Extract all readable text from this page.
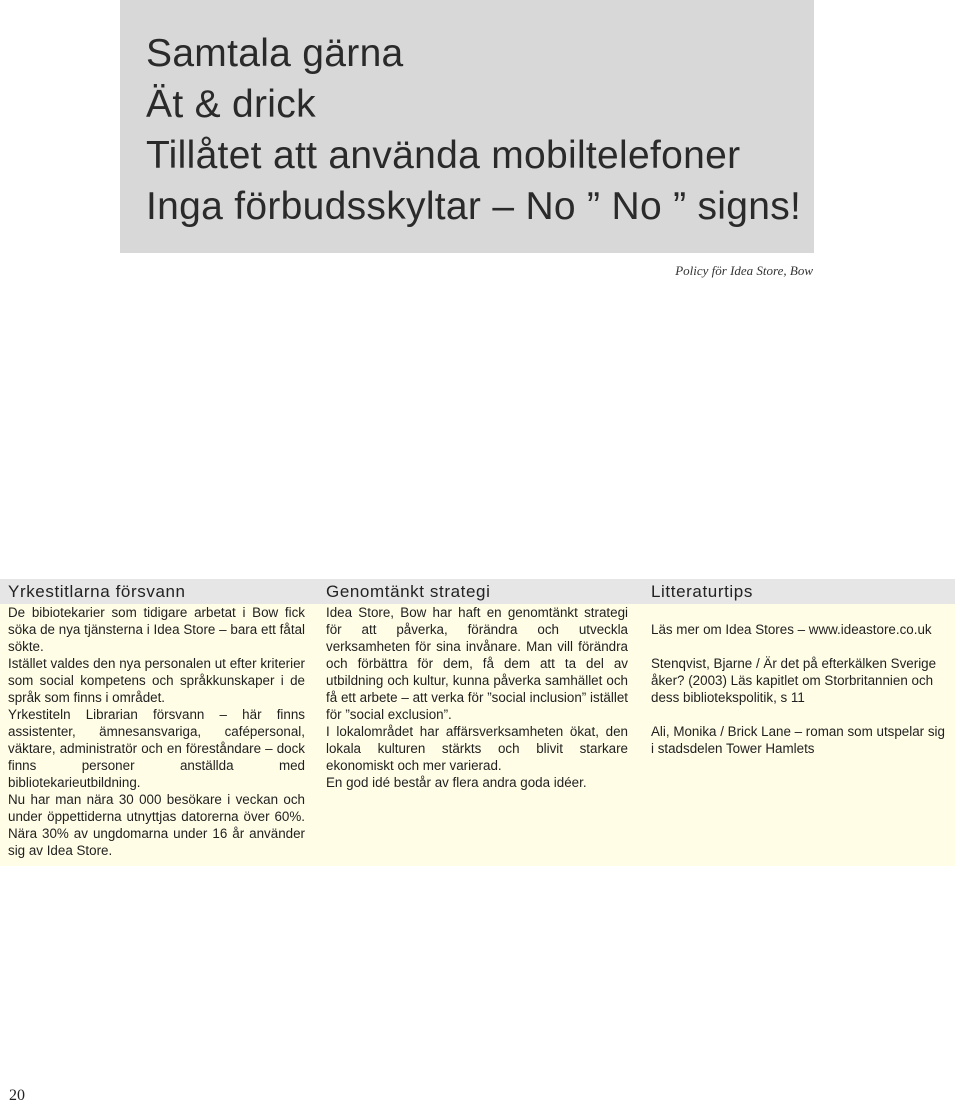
Samtala gärna
Ät & drick
Tillåtet att använda mobiltelefoner
Inga förbudsskyltar – No ” No ” signs!
Policy för Idea Store, Bow
Yrkestitlarna försvann	Genomtänkt strategi	Litteraturtips

De bibiotekarier som tidigare arbetat i Bow fick söka de nya tjänsterna i Idea Store – bara ett fåtal sökte.

Istället valdes den nya personalen ut efter kriterier som social kompetens och språkkunskaper i de språk som finns i området.

Yrkestiteln Librarian försvann – här finns assistenter, ämnesansvariga, cafépersonal, väktare, administratör och en föreståndare – dock finns personer anställda med bibliotekarieutbildning.

Nu har man nära 30 000 besökare i veckan och under öppettiderna utnyttjas datorerna över 60%. Nära 30% av ungdomarna under 16 år använder sig av Idea Store.

Idea Store, Bow har haft en genomtänkt strategi för att påverka, förändra och utveckla verksamheten för sina invånare. Man vill förändra och förbättra för dem, få dem att ta del av utbildning och kultur, kunna påverka samhället och få ett arbete – att verka för ”social inclusion” istället för ”social exclusion”.

I lokalområdet har affärsverksamheten ökat, den lokala kulturen stärkts och blivit starkare ekonomiskt och mer varierad.

En god idé består av flera andra goda idéer.

Läs mer om Idea Stores – www.ideastore.co.uk
Stenqvist, Bjarne / Är det på efterkälken Sverige åker? (2003) Läs kapitlet om Storbritannien och dess bibliotekspolitik, s 11
Ali, Monika / Brick Lane – roman som utspelar sig i stadsdelen Tower Hamlets
20
